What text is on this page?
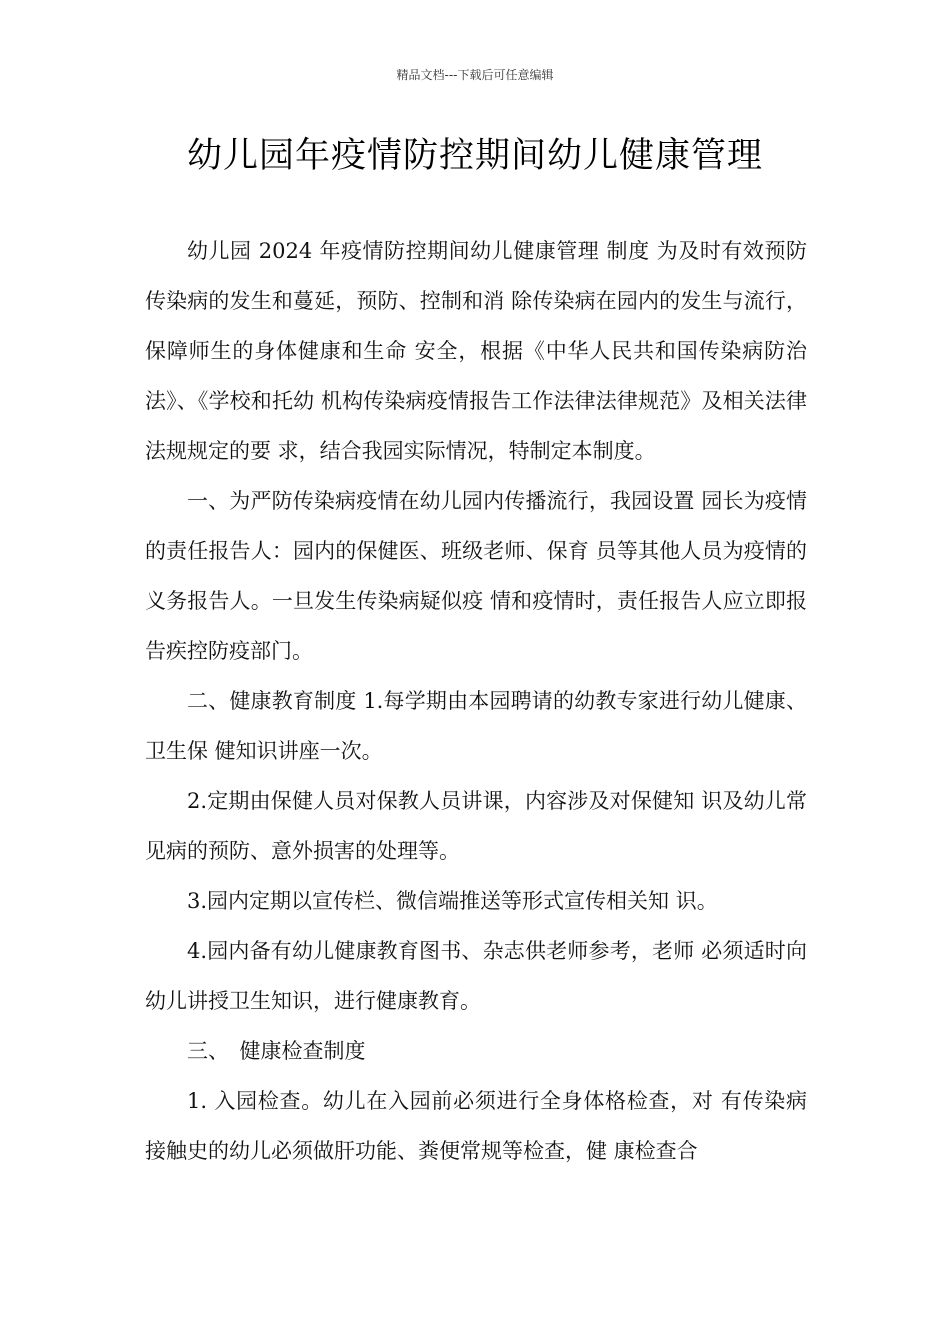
精品文档---下载后可任意编辑
幼儿园年疫情防控期间幼儿健康管理

幼儿园 2024 年疫情防控期间幼儿健康管理 制度 为及时有效预防传染病的发生和蔓延，预防、控制和消 除传染病在园内的发生与流行，保障师生的身体健康和生命 安全，根据《中华人民共和国传染病防治法》、《学校和托幼 机构传染病疫情报告工作法律法律规范》及相关法律法规规定的要 求，结合我园实际情况，特制定本制度。

一、为严防传染病疫情在幼儿园内传播流行，我园设置 园长为疫情的责任报告人：园内的保健医、班级老师、保育 员等其他人员为疫情的义务报告人。一旦发生传染病疑似疫 情和疫情时，责任报告人应立即报告疾控防疫部门。

二、健康教育制度 1.每学期由本园聘请的幼教专家进行幼儿健康、卫生保 健知识讲座一次。

2.定期由保健人员对保教人员讲课，内容涉及对保健知 识及幼儿常见病的预防、意外损害的处理等。

3.园内定期以宣传栏、微信端推送等形式宣传相关知 识。

4.园内备有幼儿健康教育图书、杂志供老师参考，老师 必须适时向幼儿讲授卫生知识，进行健康教育。

三、　健康检查制度

1. 入园检查。幼儿在入园前必须进行全身体格检查，对 有传染病接触史的幼儿必须做肝功能、粪便常规等检查，健 康检查合
